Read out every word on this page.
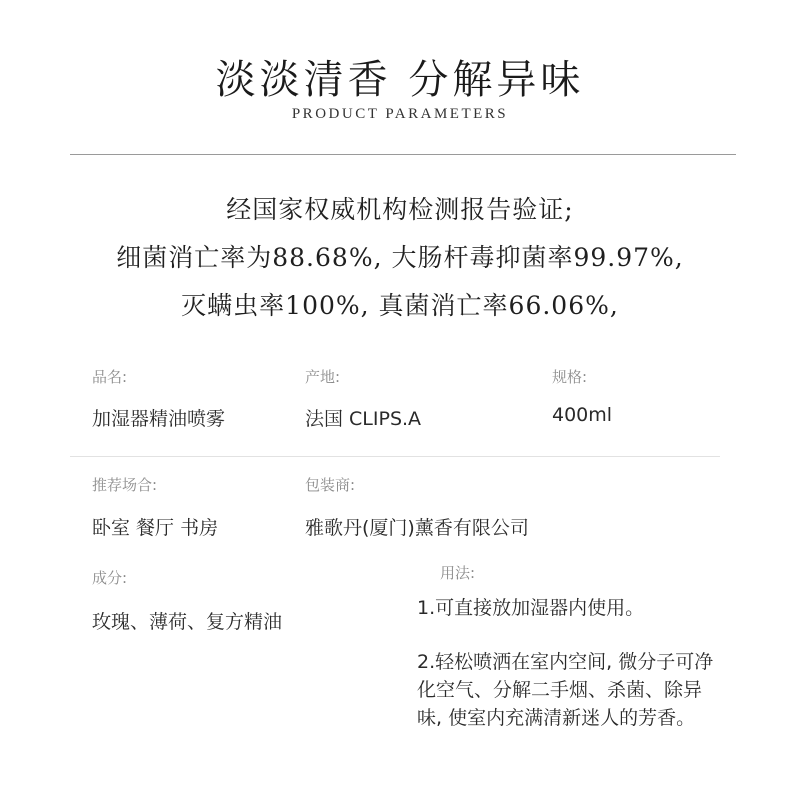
淡淡清香 分解异味
PRODUCT PARAMETERS
经国家权威机构检测报告验证;
细菌消亡率为88.68%, 大肠杆毒抑菌率99.97%,
灭螨虫率100%, 真菌消亡率66.06%,
品名:
加湿器精油喷雾
产地:
法国 CLIPS.A
规格:
400ml
推荐场合:
卧室 餐厅 书房
包装商:
雅歌丹(厦门)薰香有限公司
成分:
玫瑰、薄荷、复方精油
用法:
1.可直接放加湿器内使用。
2.轻松喷洒在室内空间, 微分子可净化空气、分解二手烟、杀菌、除异味, 使室内充满清新迷人的芳香。
